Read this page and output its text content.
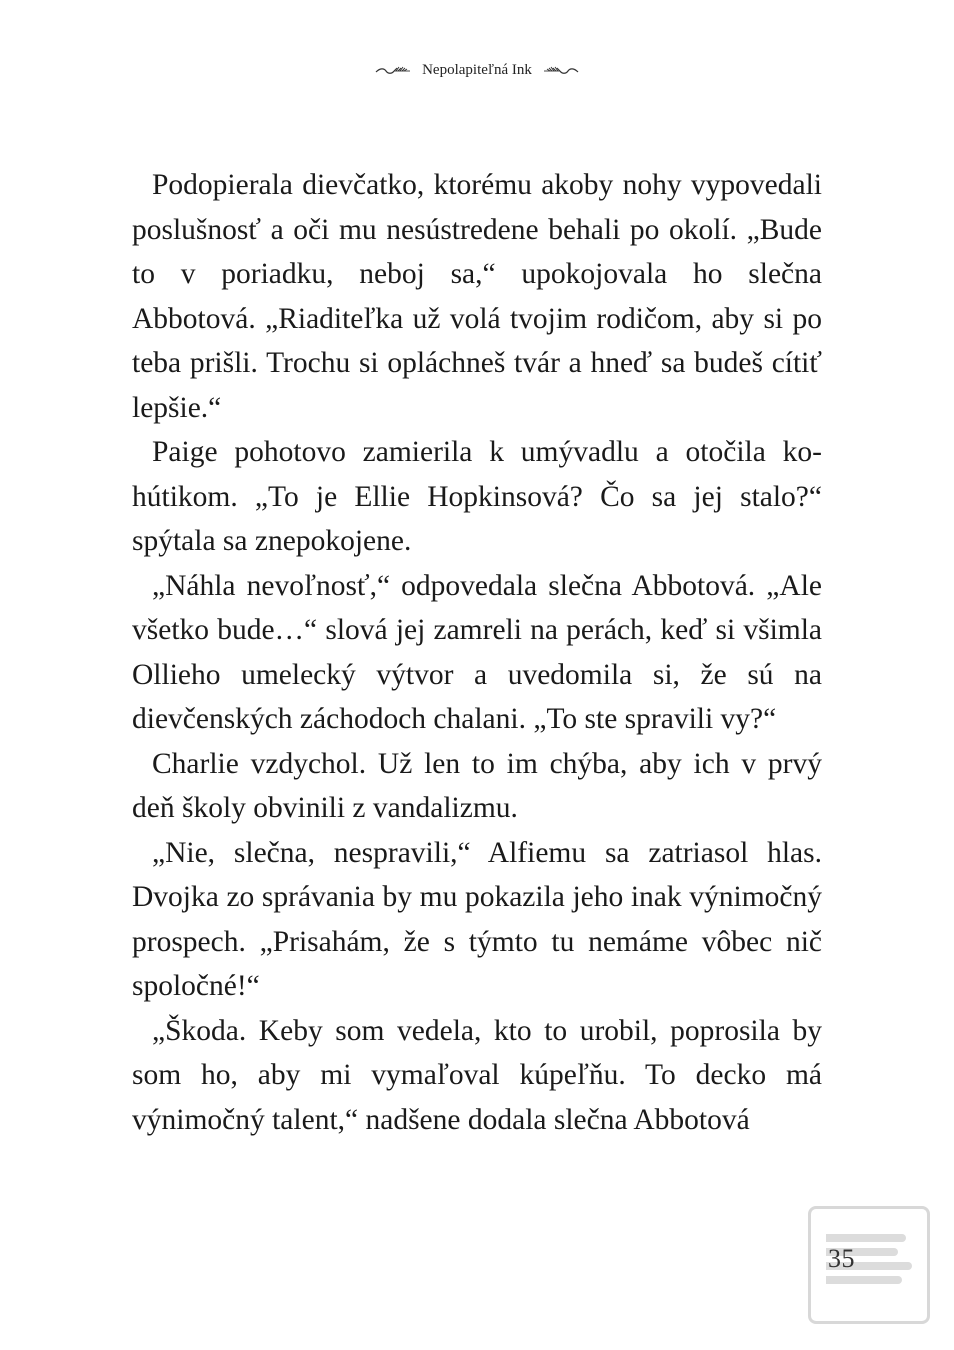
Nepolapiteľná Ink

Podopierala dievčatko, ktorému akoby nohy vypovedali poslušnosť a oči mu nesústredene behali po okolí. „Bude to v poriadku, neboj sa,“ upokojovala ho slečna Abbotová. „Riaditeľka už volá tvojim rodičom, aby si po teba prišli. Trochu si opláchneš tvár a hneď sa budeš cítiť lepšie.“

Paige pohotovo zamierila k umývadlu a otočila kohútikom. „To je Ellie Hopkinsová? Čo sa jej stalo?“ spýtala sa znepokojene.

„Náhla nevoľnosť,“ odpovedala slečna Abbotová. „Ale všetko bude…“ slová jej zamreli na perách, keď si všimla Ollieho umelecký výtvor a uvedomila si, že sú na dievčenských záchodoch chalani. „To ste spravili vy?“

Charlie vzdychol. Už len to im chýba, aby ich v prvý deň školy obvinili z vandalizmu.

„Nie, slečna, nespravili,“ Alfiemu sa zatriasol hlas. Dvojka zo správania by mu pokazila jeho inak výnimočný prospech. „Prisahám, že s týmto tu nemáme vôbec nič spoločné!“

„Škoda. Keby som vedela, kto to urobil, poprosila by som ho, aby mi vymaľoval kúpeľňu. To decko má výnimočný talent,“ nadšene dodala slečna Abbotová

35
